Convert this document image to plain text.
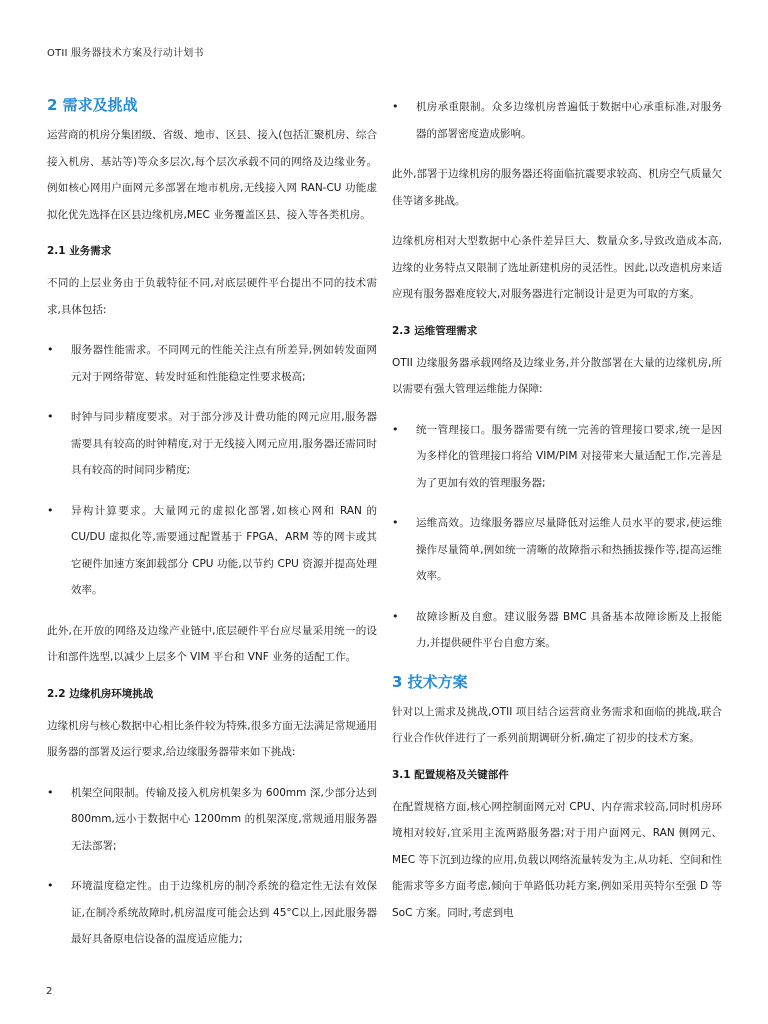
OTII 服务器技术方案及行动计划书
2 需求及挑战

运营商的机房分集团级、省级、地市、区县、接入(包括汇聚机房、综合接入机房、基站等)等众多层次,每个层次承载不同的网络及边缘业务。例如核心网用户面网元多部署在地市机房,无线接入网 RAN-CU 功能虚拟化优先选择在区县边缘机房,MEC 业务覆盖区县、接入等各类机房。

2.1 业务需求

不同的上层业务由于负载特征不同,对底层硬件平台提出不同的技术需求,具体包括:

• 服务器性能需求。不同网元的性能关注点有所差异,例如转发面网元对于网络带宽、转发时延和性能稳定性要求极高;
• 时钟与同步精度要求。对于部分涉及计费功能的网元应用,服务器需要具有较高的时钟精度,对于无线接入网元应用,服务器还需同时具有较高的时间同步精度;
• 异构计算要求。大量网元的虚拟化部署,如核心网和 RAN 的 CU/DU 虚拟化等,需要通过配置基于 FPGA、ARM 等的网卡或其它硬件加速方案卸载部分 CPU 功能,以节约 CPU 资源并提高处理效率。

此外,在开放的网络及边缘产业链中,底层硬件平台应尽量采用统一的设计和部件选型,以减少上层多个 VIM 平台和 VNF 业务的适配工作。

2.2 边缘机房环境挑战

边缘机房与核心数据中心相比条件较为特殊,很多方面无法满足常规通用服务器的部署及运行要求,给边缘服务器带来如下挑战:

• 机架空间限制。传输及接入机房机架多为 600mm 深,少部分达到 800mm,远小于数据中心 1200mm 的机架深度,常规通用服务器无法部署;
• 环境温度稳定性。由于边缘机房的制冷系统的稳定性无法有效保证,在制冷系统故障时,机房温度可能会达到 45°C以上,因此服务器最好具备原电信设备的温度适应能力;
• 机房承重限制。众多边缘机房普遍低于数据中心承重标准,对服务器的部署密度造成影响。

此外,部署于边缘机房的服务器还将面临抗震要求较高、机房空气质量欠佳等诸多挑战。

边缘机房相对大型数据中心条件差异巨大、数量众多,导致改造成本高,边缘的业务特点又限制了选址新建机房的灵活性。因此,以改造机房来适应现有服务器难度较大,对服务器进行定制设计是更为可取的方案。

2.3 运维管理需求

OTII 边缘服务器承载网络及边缘业务,并分散部署在大量的边缘机房,所以需要有强大管理运维能力保障:

• 统一管理接口。服务器需要有统一完善的管理接口要求,统一是因为多样化的管理接口将给 VIM/PIM 对接带来大量适配工作,完善是为了更加有效的管理服务器;
• 运维高效。边缘服务器应尽量降低对运维人员水平的要求,使运维操作尽量简单,例如统一清晰的故障指示和热插拔操作等,提高运维效率。
• 故障诊断及自愈。建议服务器 BMC 具备基本故障诊断及上报能力,并提供硬件平台自愈方案。
3 技术方案

针对以上需求及挑战,OTII 项目结合运营商业务需求和面临的挑战,联合行业合作伙伴进行了一系列前期调研分析,确定了初步的技术方案。

3.1 配置规格及关键部件

在配置规格方面,核心网控制面网元对 CPU、内存需求较高,同时机房环境相对较好,宜采用主流两路服务器;对于用户面网元、RAN 侧网元、MEC 等下沉到边缘的应用,负载以网络流量转发为主,从功耗、空间和性能需求等多方面考虑,倾向于单路低功耗方案,例如采用英特尔至强 D 等 SoC 方案。同时,考虑到电

2
